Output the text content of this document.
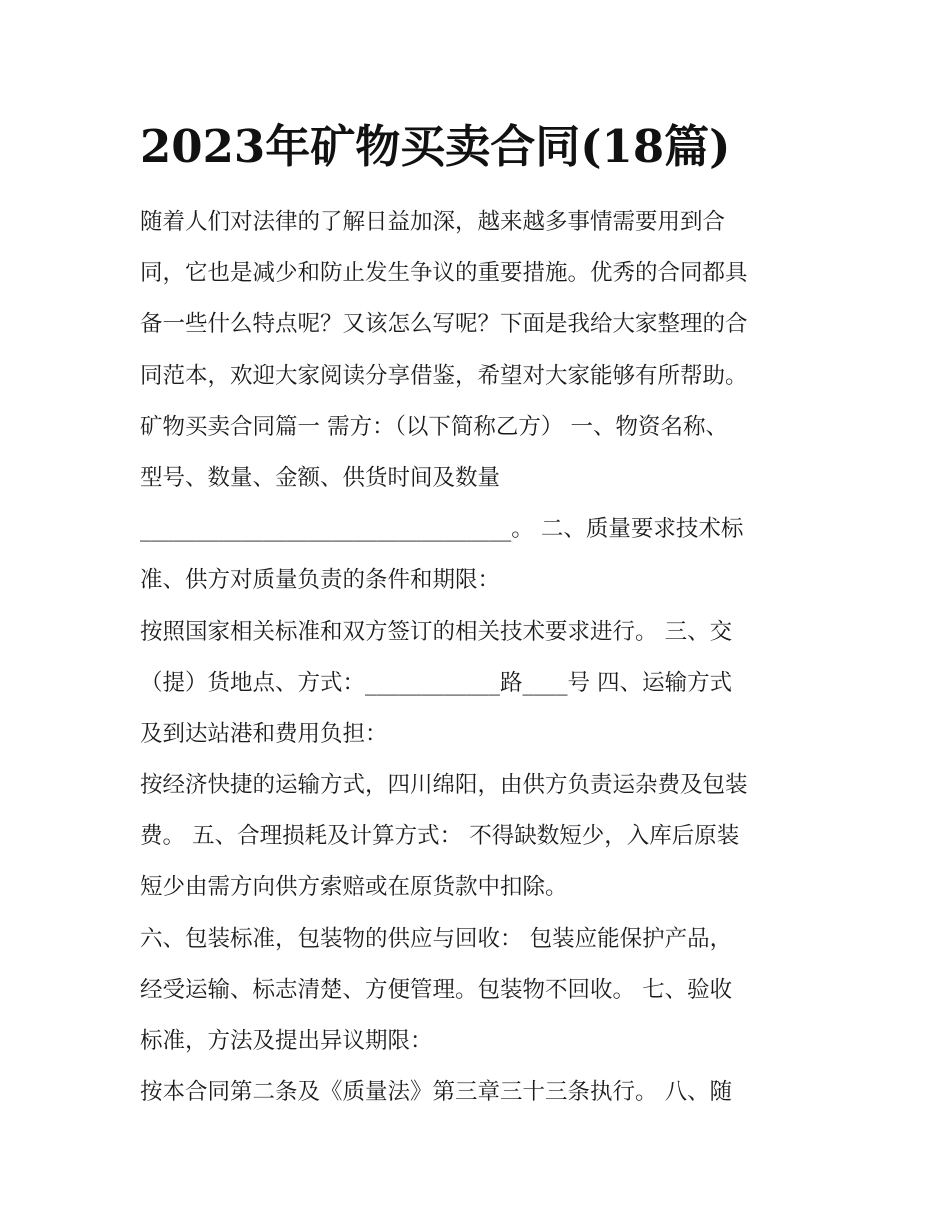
2023年矿物买卖合同(18篇)
随着人们对法律的了解日益加深，越来越多事情需要用到合
同，它也是减少和防止发生争议的重要措施。优秀的合同都具
备一些什么特点呢？又该怎么写呢？下面是我给大家整理的合
同范本，欢迎大家阅读分享借鉴，希望对大家能够有所帮助。
矿物买卖合同篇一 需方：（以下简称乙方） 一、物资名称、
型号、数量、金额、供货时间及数量
_________________________________。 二、质量要求技术标
准、供方对质量负责的条件和期限：
按照国家相关标准和双方签订的相关技术要求进行。 三、交
（提）货地点、方式：____________路____号 四、运输方式
及到达站港和费用负担：
按经济快捷的运输方式，四川绵阳，由供方负责运杂费及包装
费。 五、合理损耗及计算方式： 不得缺数短少，入库后原装
短少由需方向供方索赔或在原货款中扣除。
六、包装标准，包装物的供应与回收： 包装应能保护产品，
经受运输、标志清楚、方便管理。包装物不回收。 七、验收
标准，方法及提出异议期限：
按本合同第二条及《质量法》第三章三十三条执行。 八、随
